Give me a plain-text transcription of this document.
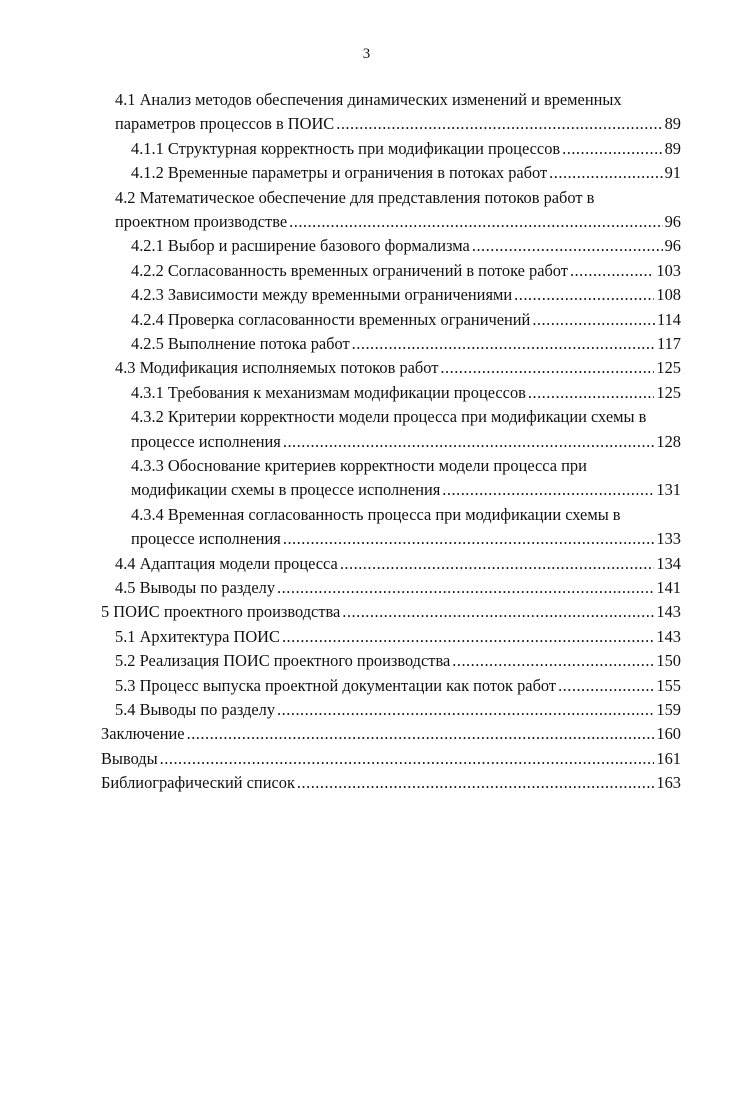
3
4.1 Анализ методов обеспечения динамических изменений и временных
параметров процессов в ПОИС .....	89
4.1.1 Структурная корректность при модификации процессов .....	89
4.1.2 Временные параметры и ограничения в потоках работ .....	91
4.2 Математическое обеспечение для представления потоков работ в
проектном производстве .....	96
4.2.1 Выбор и расширение базового формализма .....	96
4.2.2 Согласованность временных ограничений в потоке работ .....	103
4.2.3 Зависимости между временными ограничениями .....	108
4.2.4 Проверка согласованности временных ограничений .....	114
4.2.5 Выполнение потока работ .....	117
4.3 Модификация исполняемых потоков работ .....	125
4.3.1 Требования к механизмам модификации процессов .....	125
4.3.2 Критерии корректности модели процесса при модификации схемы в
процессе исполнения .....	128
4.3.3 Обоснование критериев корректности модели процесса при
модификации схемы в процессе исполнения .....	131
4.3.4 Временная согласованность процесса при модификации схемы в
процессе исполнения .....	133
4.4 Адаптация модели процесса .....	134
4.5 Выводы по разделу .....	141
5 ПОИС проектного производства .....	143
5.1 Архитектура ПОИС .....	143
5.2 Реализация ПОИС проектного производства .....	150
5.3 Процесс выпуска проектной документации как поток работ .....	155
5.4 Выводы по разделу .....	159
Заключение .....	160
Выводы .....	161
Библиографический список .....	163
